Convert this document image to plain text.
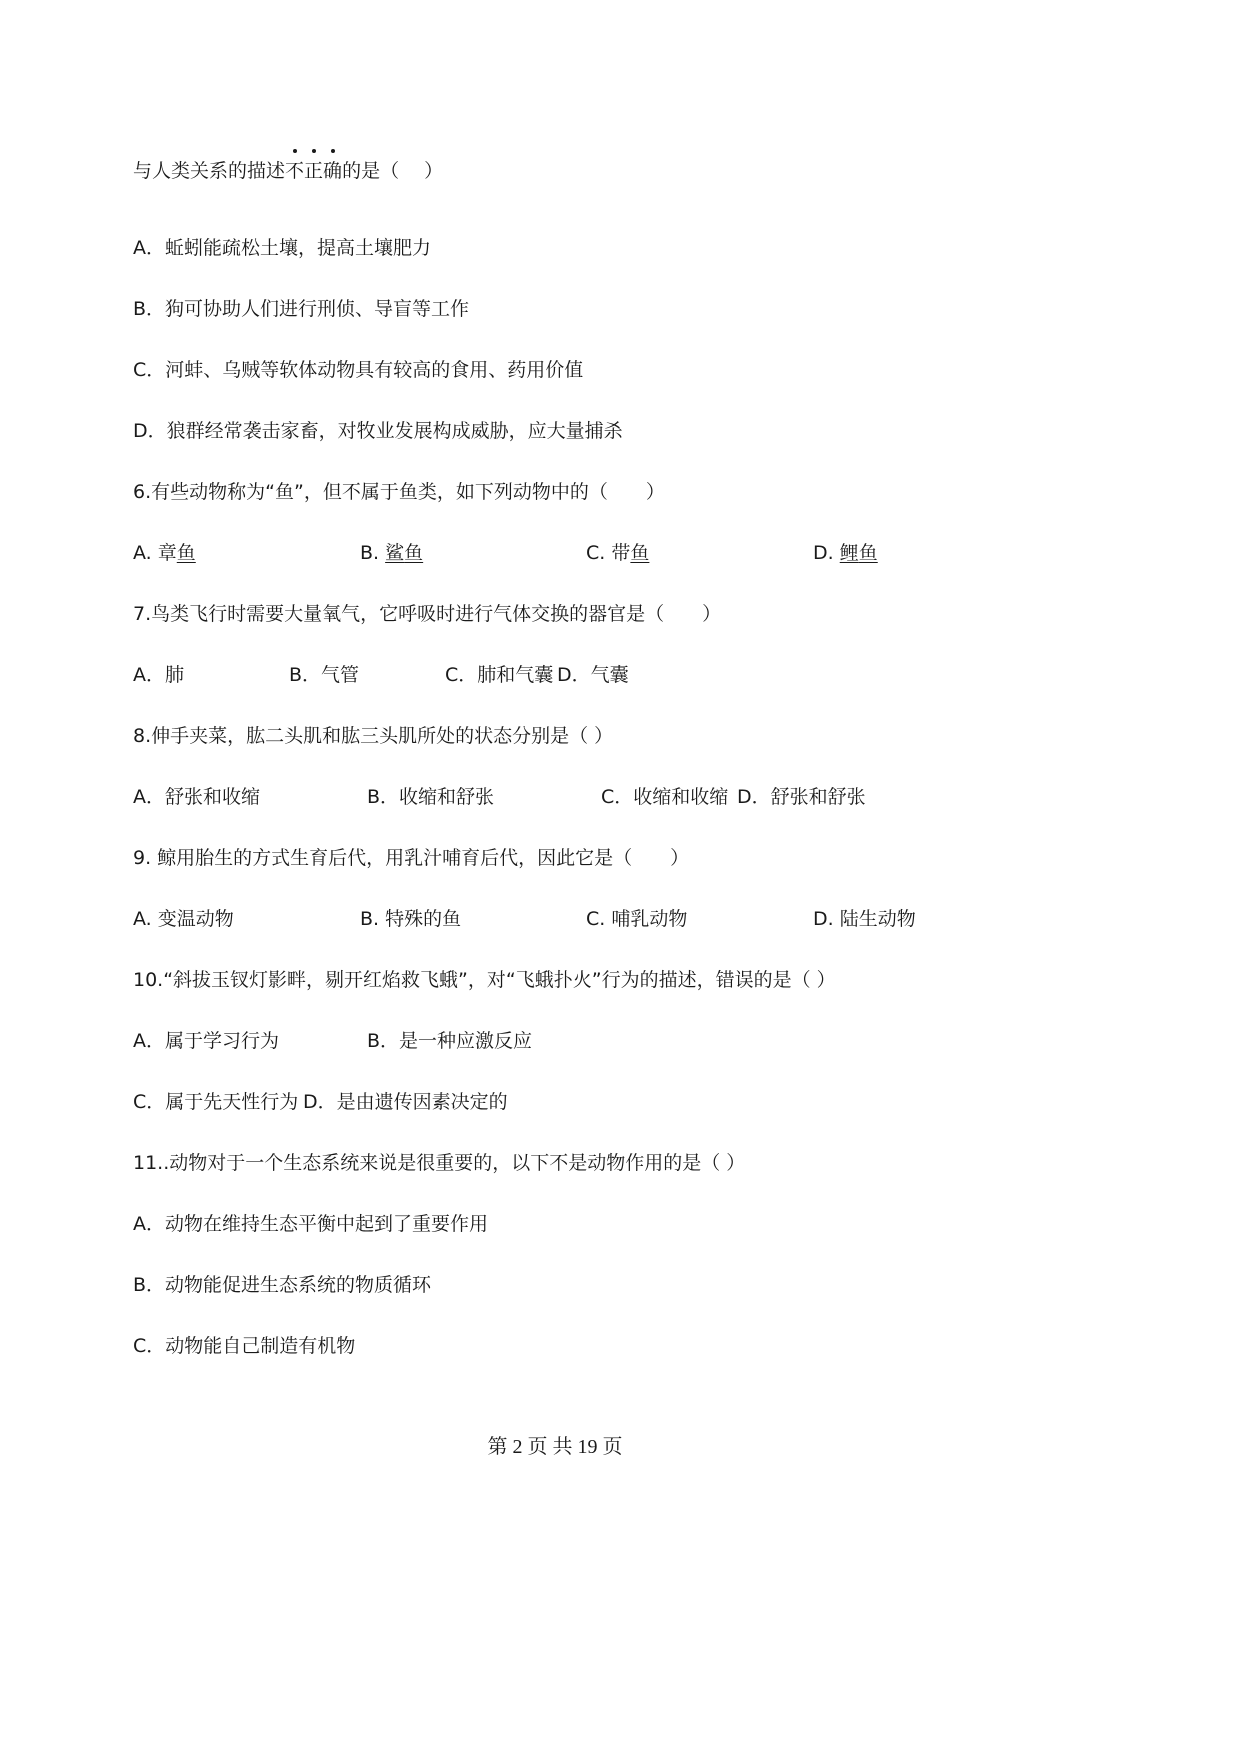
与人类关系的描述不正确的是（　 ）
A．蚯蚓能疏松土壤，提高土壤肥力
B．狗可协助人们进行刑侦、导盲等工作
C．河蚌、乌贼等软体动物具有较高的食用、药用价值
D．狼群经常袭击家畜，对牧业发展构成威胁，应大量捕杀
6.有些动物称为“鱼”，但不属于鱼类，如下列动物中的（　　）
A. 章鱼	B. 鲨鱼	C. 带鱼	D. 鲤鱼
7.鸟类飞行时需要大量氧气，它呼吸时进行气体交换的器官是（　　）
A．肺	B．气管	C．肺和气囊 D．气囊
8.伸手夹菜，肱二头肌和肱三头肌所处的状态分别是（ ）
A．舒张和收缩	B．收缩和舒张	C．收缩和收缩 D．舒张和舒张
9. 鲸用胎生的方式生育后代，用乳汁哺育后代，因此它是（　　）
A. 变温动物	B. 特殊的鱼	C. 哺乳动物	D. 陆生动物
10.“斜拔玉钗灯影畔，剔开红焰救飞蛾”，对“飞蛾扑火”行为的描述，错误的是（ ）
A．属于学习行为	B．是一种应激反应
C．属于先天性行为 D．是由遗传因素决定的
11..动物对于一个生态系统来说是很重要的，以下不是动物作用的是（ ）
A．动物在维持生态平衡中起到了重要作用
B．动物能促进生态系统的物质循环
C．动物能自己制造有机物
第 2 页 共 19 页
